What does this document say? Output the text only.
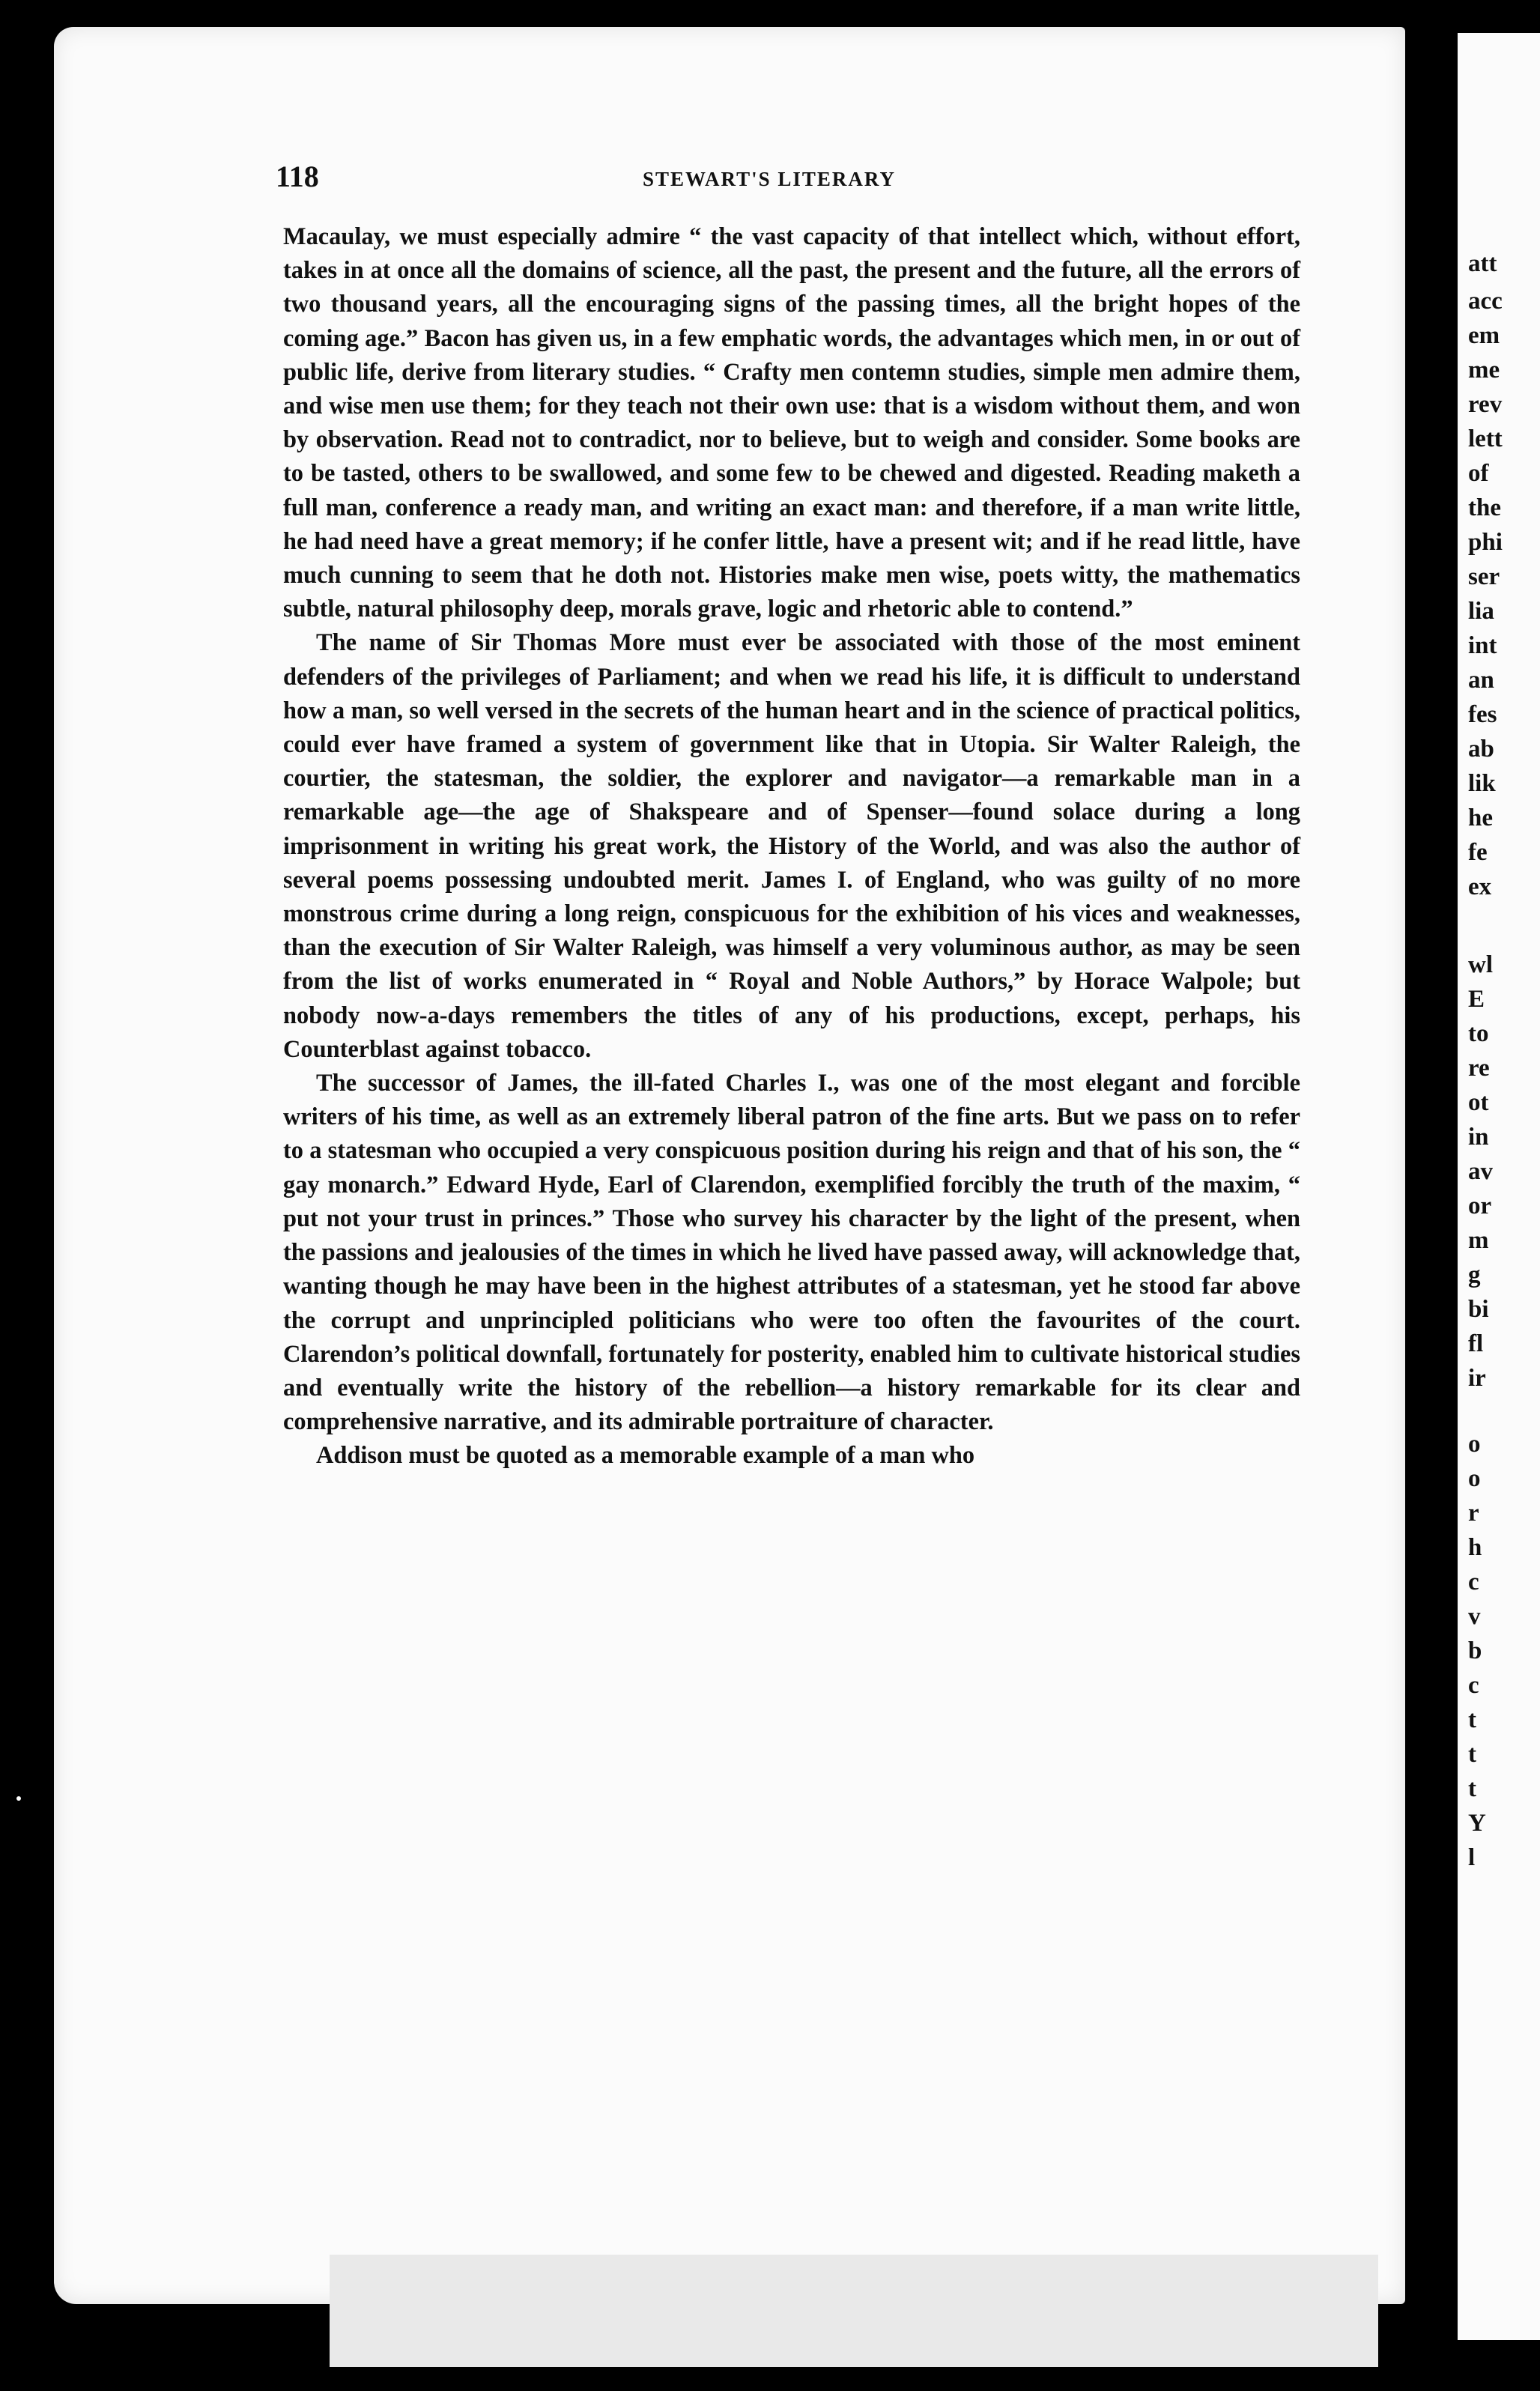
att
acc
em
me
rev
lett
of
the
phi
ser
lia
int
an
fes
ab
lik
he
fe
ex
wl
E
to
re
ot
in
av
or
m
g
bi
fl
ir
o
o
r
h
c
v
b
c
t
t
t
Y
l
118	STEWART'S LITERARY

Macaulay, we must especially admire “ the vast capacity of that intellect which, without effort, takes in at once all the domains of science, all the past, the present and the future, all the errors of two thousand years, all the encouraging signs of the passing times, all the bright hopes of the coming age.” Bacon has given us, in a few emphatic words, the advantages which men, in or out of public life, derive from literary studies. “ Crafty men contemn studies, simple men admire them, and wise men use them; for they teach not their own use: that is a wisdom without them, and won by observation. Read not to contradict, nor to believe, but to weigh and consider. Some books are to be tasted, others to be swallowed, and some few to be chewed and digested. Reading maketh a full man, conference a ready man, and writing an exact man: and therefore, if a man write little, he had need have a great memory; if he confer little, have a present wit; and if he read little, have much cunning to seem that he doth not. Histories make men wise, poets witty, the mathematics subtle, natural philosophy deep, morals grave, logic and rhetoric able to contend.”

The name of Sir Thomas More must ever be associated with those of the most eminent defenders of the privileges of Parliament; and when we read his life, it is difficult to understand how a man, so well versed in the secrets of the human heart and in the science of practical politics, could ever have framed a system of government like that in Utopia. Sir Walter Raleigh, the courtier, the statesman, the soldier, the explorer and navigator—a remarkable man in a remarkable age—the age of Shakspeare and of Spenser—found solace during a long imprisonment in writing his great work, the History of the World, and was also the author of several poems possessing undoubted merit. James I. of England, who was guilty of no more monstrous crime during a long reign, conspicuous for the exhibition of his vices and weaknesses, than the execution of Sir Walter Raleigh, was himself a very voluminous author, as may be seen from the list of works enumerated in “ Royal and Noble Authors,” by Horace Walpole; but nobody now-a-days remembers the titles of any of his productions, except, perhaps, his Counterblast against tobacco.

The successor of James, the ill-fated Charles I., was one of the most elegant and forcible writers of his time, as well as an extremely liberal patron of the fine arts. But we pass on to refer to a statesman who occupied a very conspicuous position during his reign and that of his son, the “ gay monarch.” Edward Hyde, Earl of Clarendon, exemplified forcibly the truth of the maxim, “ put not your trust in princes.” Those who survey his character by the light of the present, when the passions and jealousies of the times in which he lived have passed away, will acknowledge that, wanting though he may have been in the highest attributes of a statesman, yet he stood far above the corrupt and unprincipled politicians who were too often the favourites of the court. Clarendon’s political downfall, fortunately for posterity, enabled him to cultivate historical studies and eventually write the history of the rebellion—a history remarkable for its clear and comprehensive narrative, and its admirable portraiture of character.

Addison must be quoted as a memorable example of a man who
